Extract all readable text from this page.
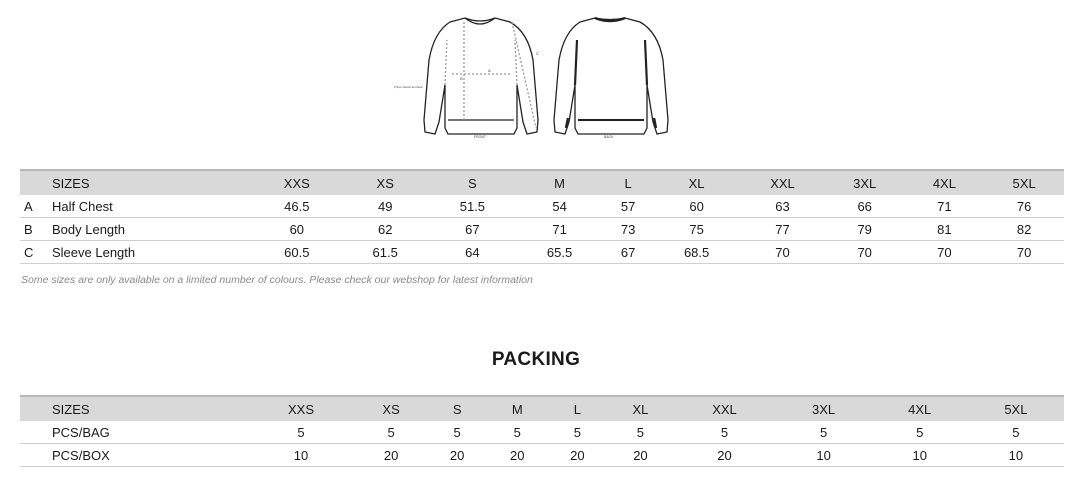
A
B
C
2,5cm below armhole
FRONT	BACK
	SIZES	XXS	XS	S	M	L	XL	XXL	3XL	4XL	5XL
A	Half Chest	46.5	49	51.5	54	57	60	63	66	71	76
B	Body Length	60	62	67	71	73	75	77	79	81	82
C	Sleeve Length	60.5	61.5	64	65.5	67	68.5	70	70	70	70
Some sizes are only available on a limited number of colours. Please check our webshop for latest information
PACKING
SIZES	XXS	XS	S	M	L	XL	XXL	3XL	4XL	5XL
PCS/BAG	5	5	5	5	5	5	5	5	5	5
PCS/BOX	10	20	20	20	20	20	20	10	10	10
